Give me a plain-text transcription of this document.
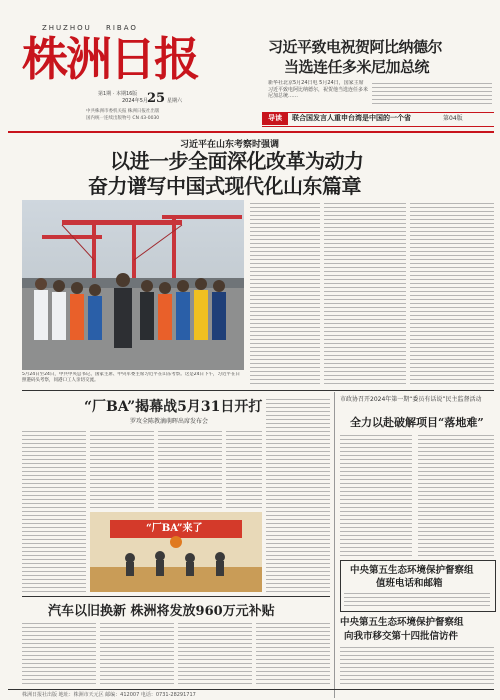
ZHUZHOU RIBAO
株洲日报
第1期 · 本期16版
2024年5月 25 星期六
中共株洲市委机关报 株洲日报社出版
国内统一连续出版物号 CN 43-0030
习近平致电祝贺阿比纳德尔
当选连任多米尼加总统
新华社北京5月24日电 5月24日，国家主席习近平致电阿比纳德尔，祝贺他当选连任多米尼加总统……
导读	联合国发言人重申台湾是中国的一个省	第04版
习近平在山东考察时强调
以进一步全面深化改革为动力
奋力谱写中国式现代化山东篇章
5月24日至24日，中共中央总书记、国家主席、中央军委主席习近平在山东考察。这是24日下午，习近平在日照港码头考察，同港口工人亲切交流。
“厂BA”揭幕战5月31日开打
罗攻全陈教滴萌晖出席发布会
“厂BA”来了
市政协召开2024年第一期“委员有话说”民主监督活动
全力以赴破解项目“落地难”
中央第五生态环境保护督察组
值班电话和邮箱
中央第五生态环境保护督察组
向我市移交第十四批信访件
汽车以旧换新 株洲将发放960万元补贴
株洲日报社出版 地址：株洲市天元区 邮编：412007 电话：0731-28291717
